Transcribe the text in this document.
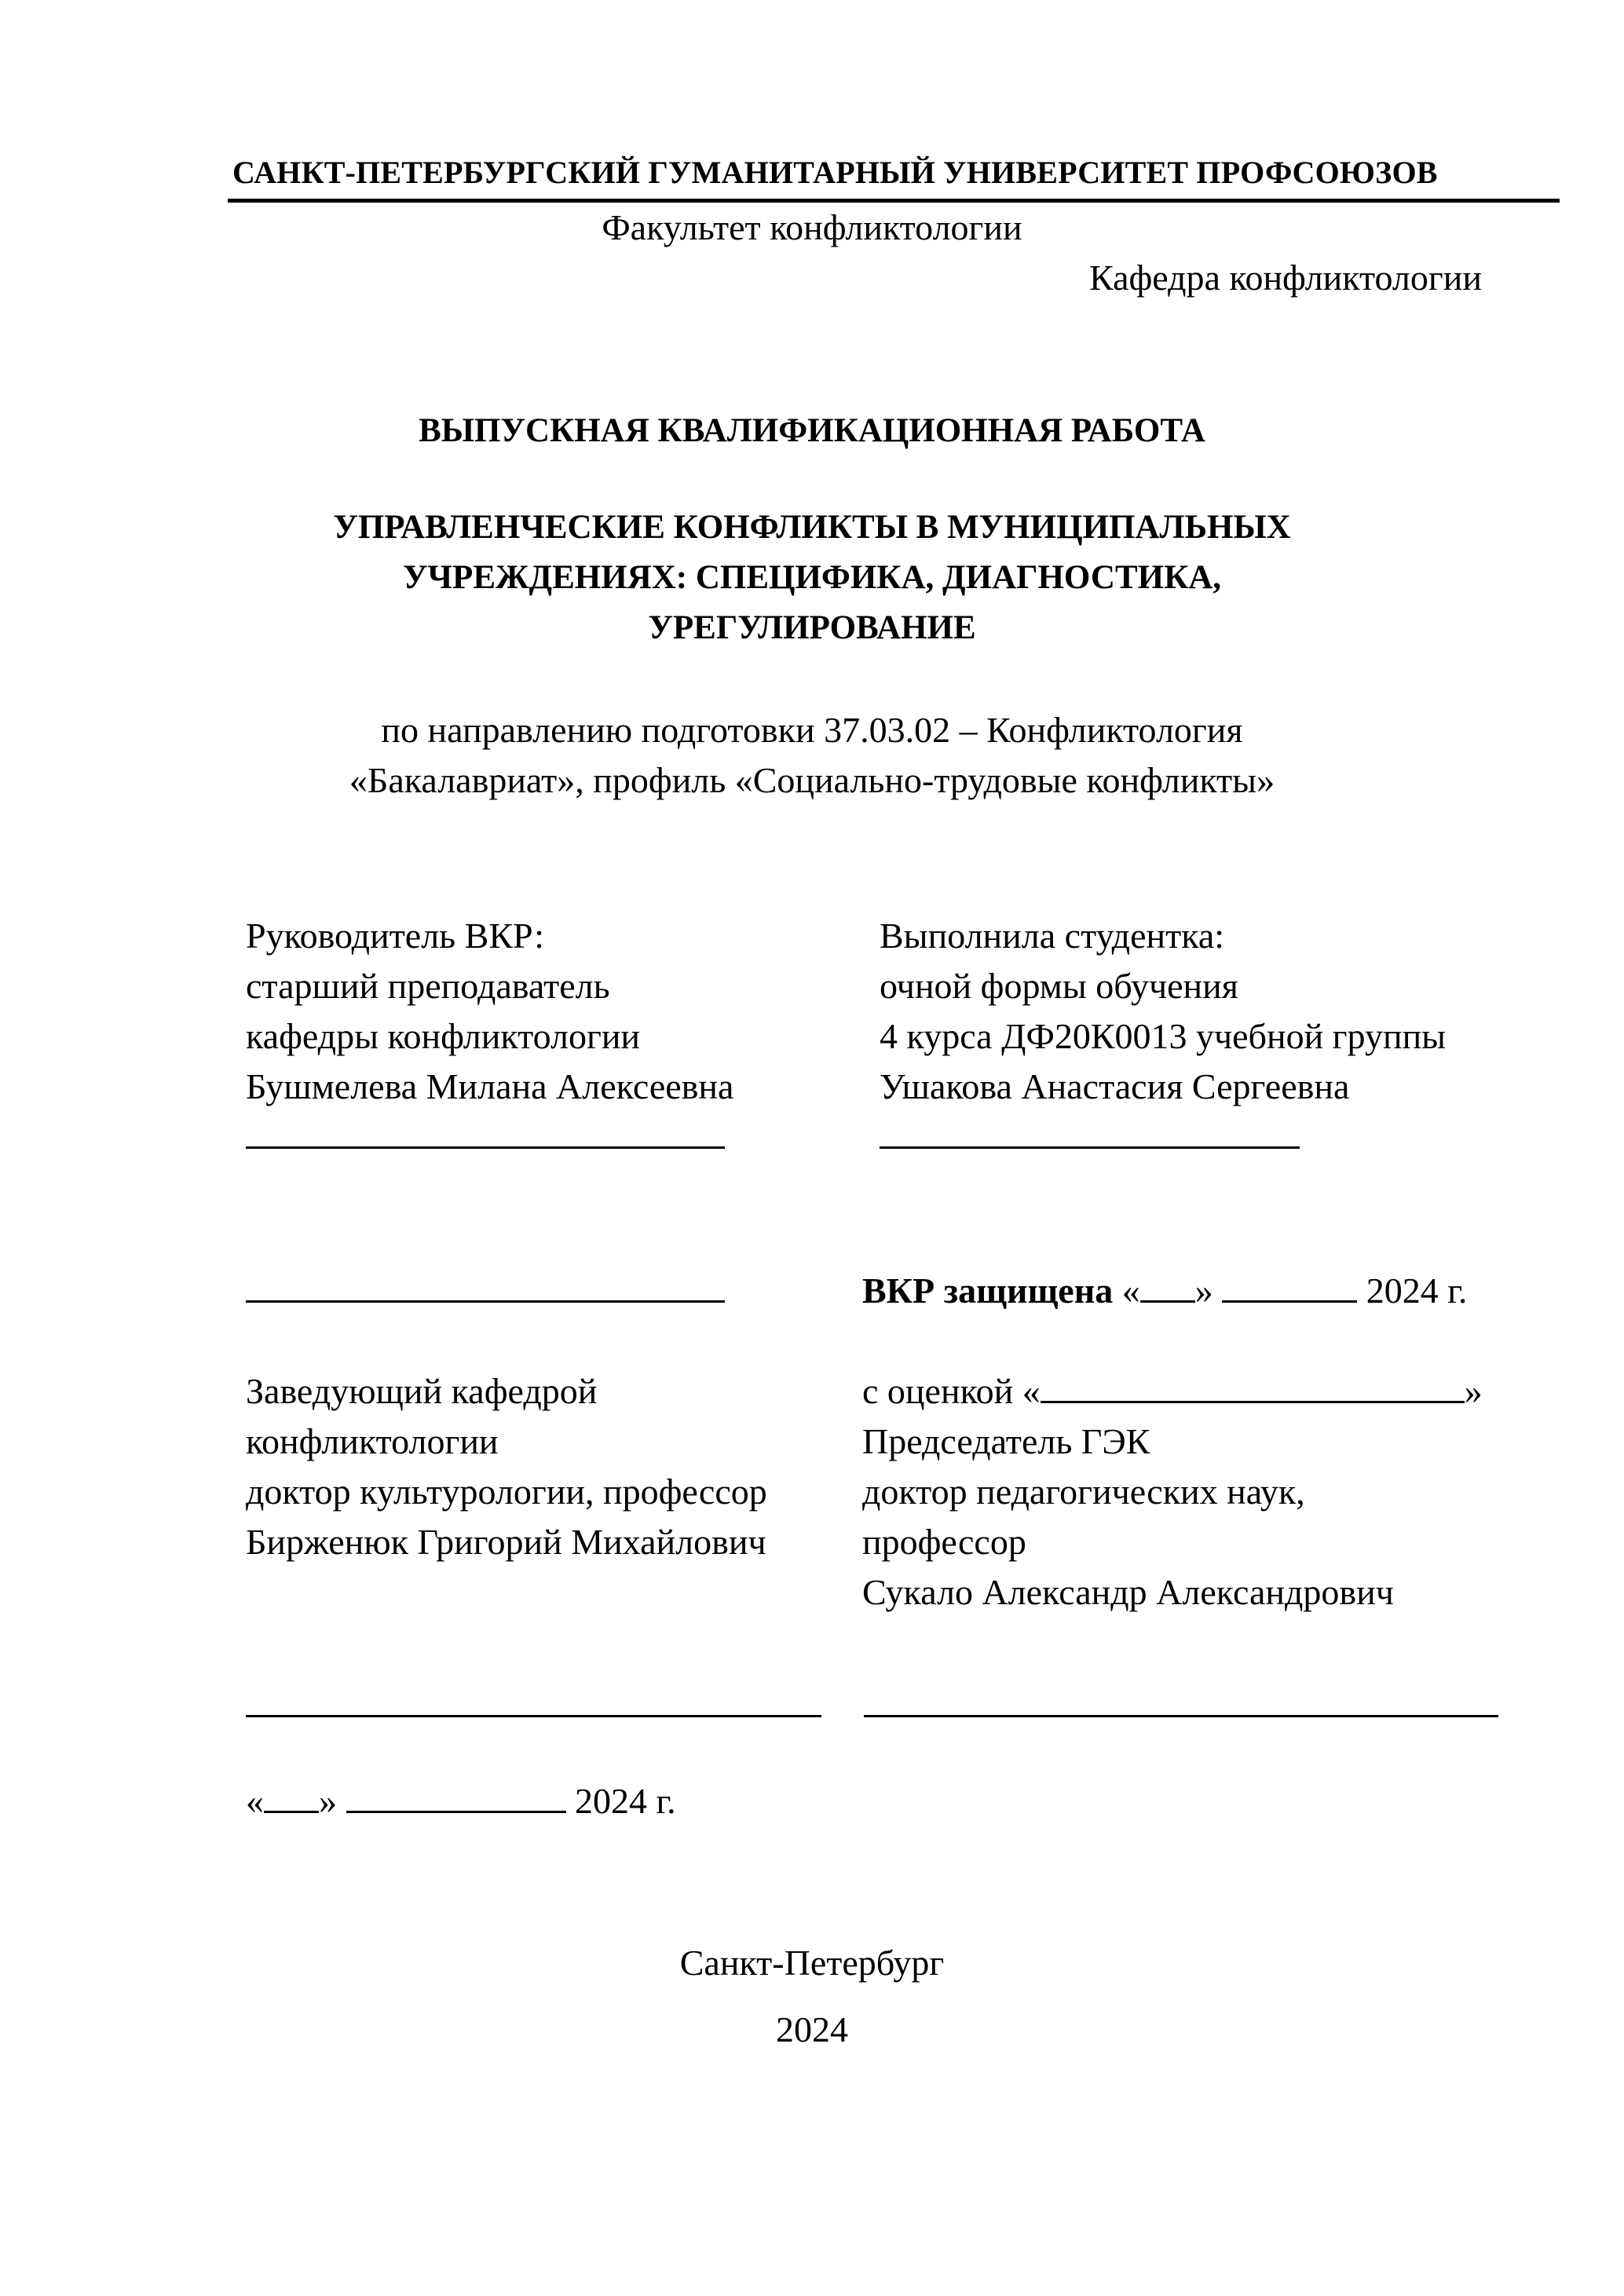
САНКТ-ПЕТЕРБУРГСКИЙ ГУМАНИТАРНЫЙ УНИВЕРСИТЕТ ПРОФСОЮЗОВ
Факультет конфликтологии
Кафедра конфликтологии
ВЫПУСКНАЯ КВАЛИФИКАЦИОННАЯ РАБОТА
УПРАВЛЕНЧЕСКИЕ КОНФЛИКТЫ В МУНИЦИПАЛЬНЫХ
УЧРЕЖДЕНИЯХ: СПЕЦИФИКА, ДИАГНОСТИКА,
УРЕГУЛИРОВАНИЕ
по направлению подготовки 37.03.02 – Конфликтология
«Бакалавриат», профиль «Социально-трудовые конфликты»
Руководитель ВКР:
старший преподаватель
кафедры конфликтологии
Бушмелева Милана Алексеевна
Выполнила студентка:
очной формы обучения
4 курса ДФ20К0013 учебной группы
Ушакова Анастасия Сергеевна
ВКР защищена « »	2024 г.
Заведующий кафедрой
конфликтологии
доктор культурологии, профессор
Бирженюк Григорий Михайлович
с оценкой «	»
Председатель ГЭК
доктор педагогических наук,
профессор
Сукало Александр Александрович
« »	2024 г.
Санкт-Петербург
2024
